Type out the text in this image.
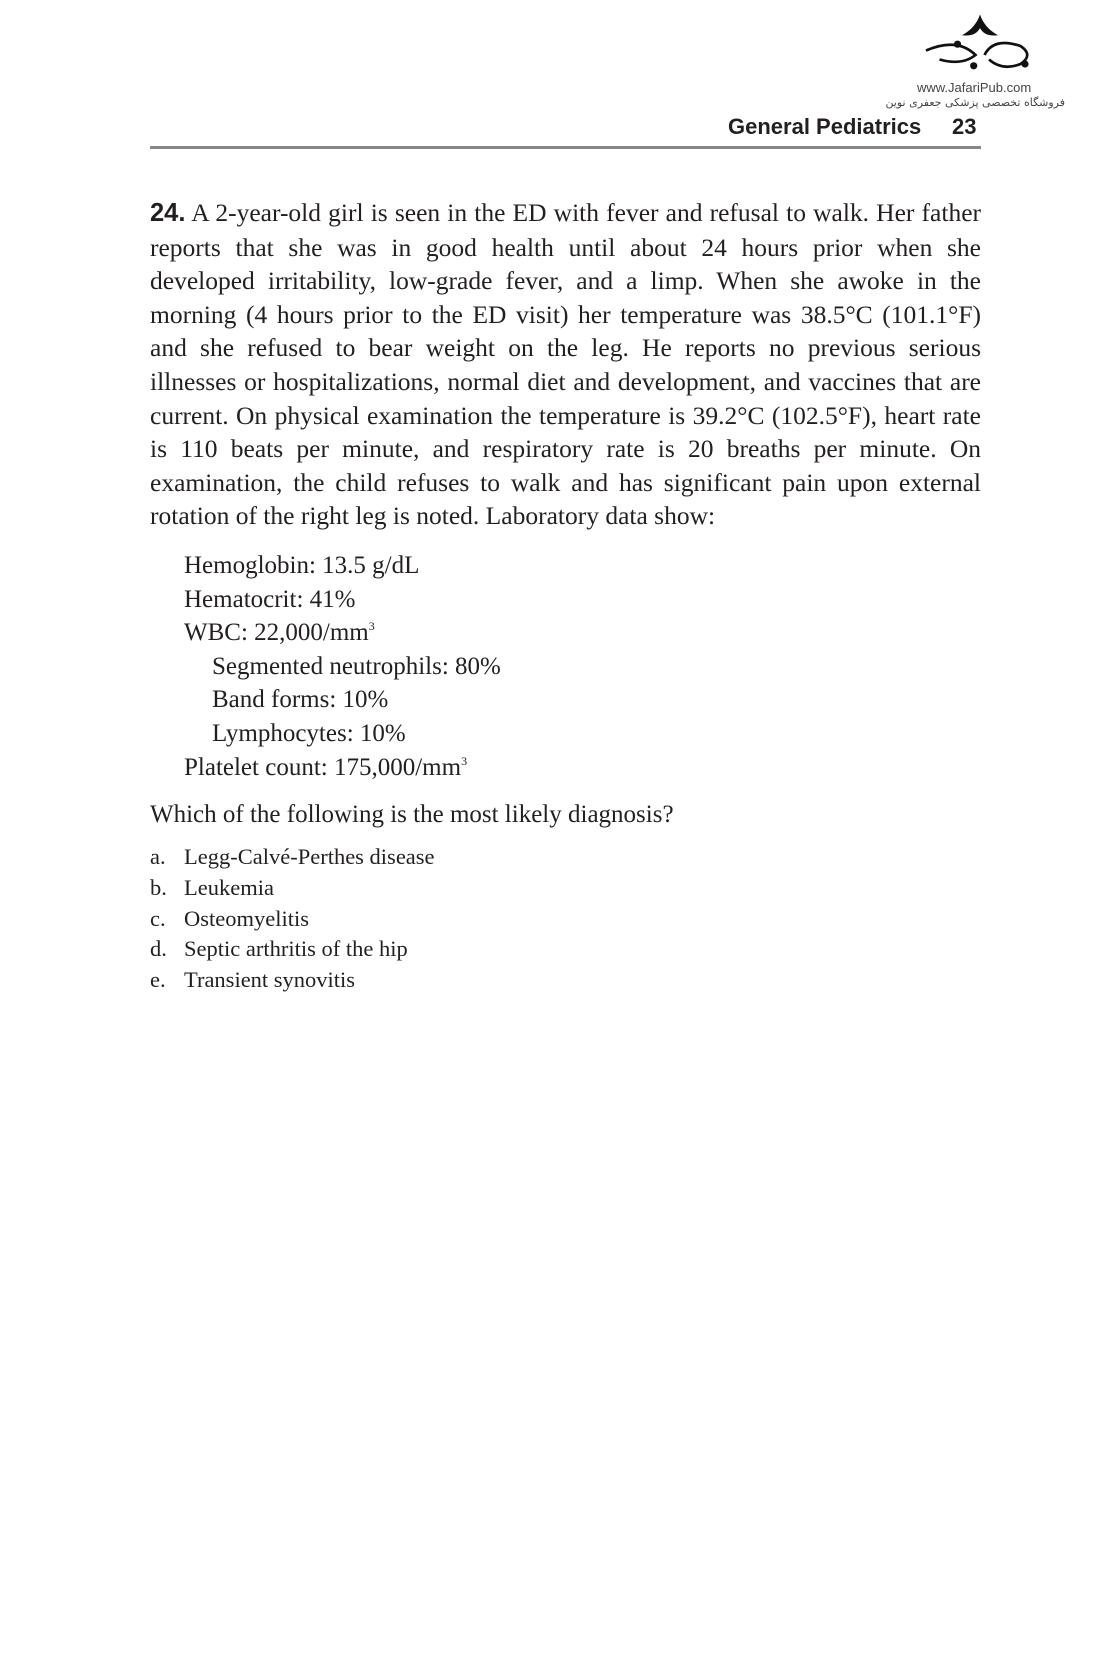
www.JafariPub.com
فروشگاه تخصصی پزشکی جعفری نوین
General Pediatrics 23
24. A 2-year-old girl is seen in the ED with fever and refusal to walk. Her father reports that she was in good health until about 24 hours prior when she developed irritability, low-grade fever, and a limp. When she awoke in the morning (4 hours prior to the ED visit) her temperature was 38.5°C (101.1°F) and she refused to bear weight on the leg. He reports no previous serious illnesses or hospitalizations, normal diet and development, and vaccines that are current. On physical examination the temperature is 39.2°C (102.5°F), heart rate is 110 beats per minute, and respiratory rate is 20 breaths per minute. On examination, the child refuses to walk and has significant pain upon external rotation of the right leg is noted. Laboratory data show:
Hemoglobin: 13.5 g/dL
Hematocrit: 41%
WBC: $22,000/mm^3$
Segmented neutrophils: 80%
Band forms: 10%
Lymphocytes: 10%
Platelet count: $175,000/mm^3$
Which of the following is the most likely diagnosis?
a. Legg-Calvé-Perthes disease
b. Leukemia
c. Osteomyelitis
d. Septic arthritis of the hip
e. Transient synovitis
